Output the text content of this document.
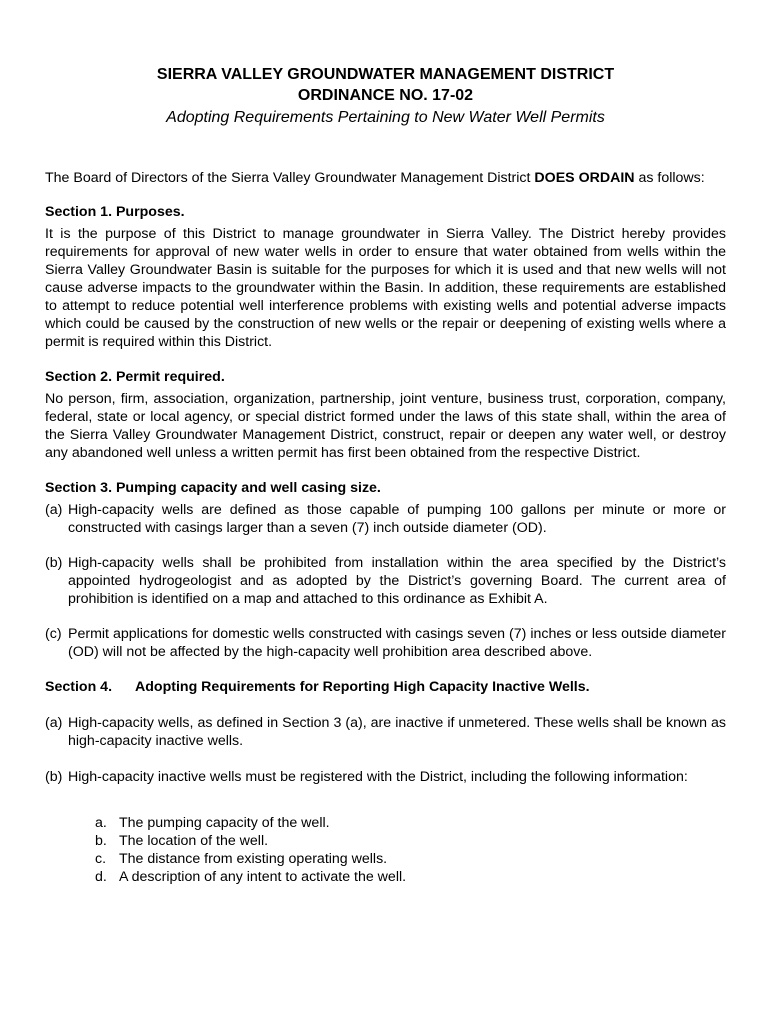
SIERRA VALLEY GROUNDWATER MANAGEMENT DISTRICT
ORDINANCE NO. 17-02
Adopting Requirements Pertaining to New Water Well Permits

The Board of Directors of the Sierra Valley Groundwater Management District DOES ORDAIN as follows:

Section 1. Purposes.

It is the purpose of this District to manage groundwater in Sierra Valley. The District hereby provides requirements for approval of new water wells in order to ensure that water obtained from wells within the Sierra Valley Groundwater Basin is suitable for the purposes for which it is used and that new wells will not cause adverse impacts to the groundwater within the Basin. In addition, these requirements are established to attempt to reduce potential well interference problems with existing wells and potential adverse impacts which could be caused by the construction of new wells or the repair or deepening of existing wells where a permit is required within this District.

Section 2. Permit required.

No person, firm, association, organization, partnership, joint venture, business trust, corporation, company, federal, state or local agency, or special district formed under the laws of this state shall, within the area of the Sierra Valley Groundwater Management District, construct, repair or deepen any water well, or destroy any abandoned well unless a written permit has first been obtained from the respective District.

Section 3. Pumping capacity and well casing size.
(a) High-capacity wells are defined as those capable of pumping 100 gallons per minute or more or constructed with casings larger than a seven (7) inch outside diameter (OD).
(b) High-capacity wells shall be prohibited from installation within the area specified by the District’s appointed hydrogeologist and as adopted by the District’s governing Board. The current area of prohibition is identified on a map and attached to this ordinance as Exhibit A.
(c) Permit applications for domestic wells constructed with casings seven (7) inches or less outside diameter (OD) will not be affected by the high-capacity well prohibition area described above.
Section 4.	Adopting Requirements for Reporting High Capacity Inactive Wells.
(a) High-capacity wells, as defined in Section 3 (a), are inactive if unmetered. These wells shall be known as high-capacity inactive wells.
(b) High-capacity inactive wells must be registered with the District, including the following information:
a. The pumping capacity of the well.
b. The location of the well.
c. The distance from existing operating wells.
d. A description of any intent to activate the well.
